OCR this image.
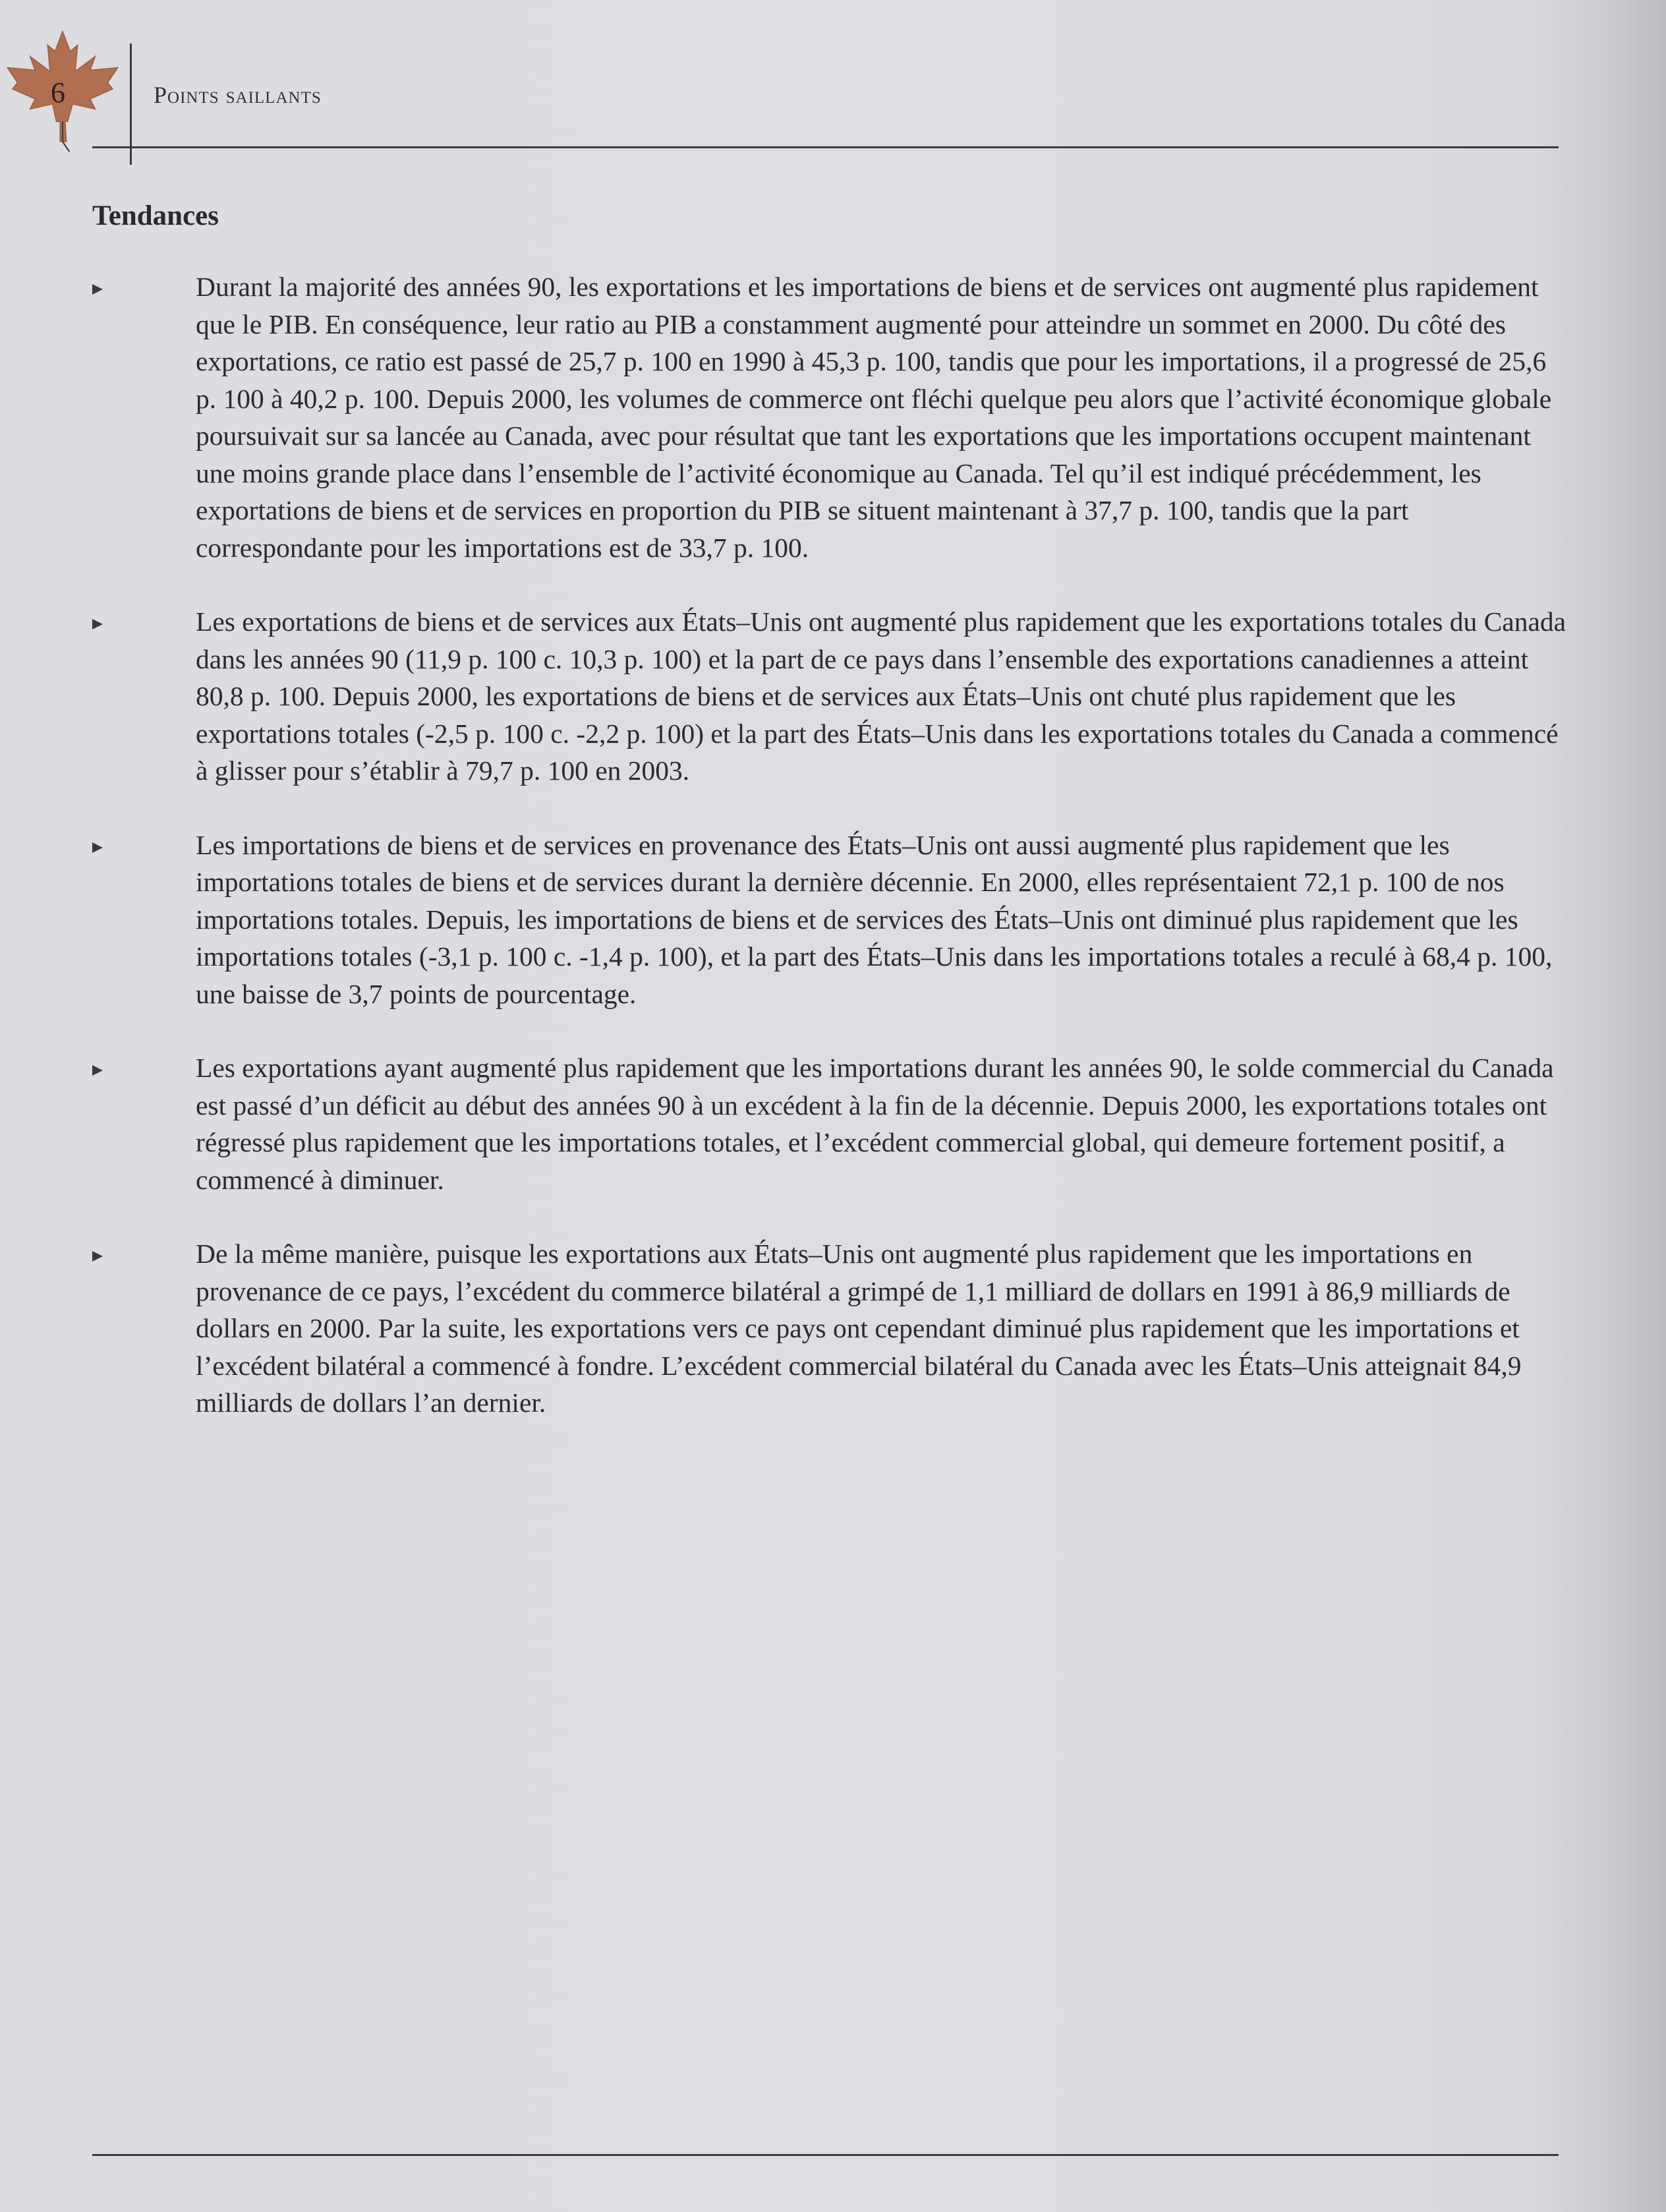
6	Points saillants
Tendances
Durant la majorité des années 90, les exportations et les importations de biens et de services ont augmenté plus rapidement que le PIB. En conséquence, leur ratio au PIB a constamment augmenté pour atteindre un sommet en 2000. Du côté des exportations, ce ratio est passé de 25,7 p. 100 en 1990 à 45,3 p. 100, tandis que pour les importations, il a progressé de 25,6 p. 100 à 40,2 p. 100. Depuis 2000, les volumes de commerce ont fléchi quelque peu alors que l’activité économique globale poursuivait sur sa lancée au Canada, avec pour résultat que tant les exportations que les importations occupent maintenant une moins grande place dans l’ensemble de l’activité économique au Canada. Tel qu’il est indiqué précédemment, les exportations de biens et de services en proportion du PIB se situent maintenant à 37,7 p. 100, tandis que la part correspondante pour les importations est de 33,7 p. 100.
Les exportations de biens et de services aux États–Unis ont augmenté plus rapidement que les exportations totales du Canada dans les années 90 (11,9 p. 100 c. 10,3 p. 100) et la part de ce pays dans l’ensemble des exportations canadiennes a atteint 80,8 p. 100. Depuis 2000, les exportations de biens et de services aux États–Unis ont chuté plus rapidement que les exportations totales (-2,5 p. 100 c. -2,2 p. 100) et la part des États–Unis dans les exportations totales du Canada a commencé à glisser pour s’établir à 79,7 p. 100 en 2003.
Les importations de biens et de services en provenance des États–Unis ont aussi augmenté plus rapidement que les importations totales de biens et de services durant la dernière décennie. En 2000, elles représentaient 72,1 p. 100 de nos importations totales. Depuis, les importations de biens et de services des États–Unis ont diminué plus rapidement que les importations totales (-3,1 p. 100 c. -1,4 p. 100), et la part des États–Unis dans les importations totales a reculé à 68,4 p. 100, une baisse de 3,7 points de pourcentage.
Les exportations ayant augmenté plus rapidement que les importations durant les années 90, le solde commercial du Canada est passé d’un déficit au début des années 90 à un excédent à la fin de la décennie. Depuis 2000, les exportations totales ont régressé plus rapidement que les importations totales, et l’excédent commercial global, qui demeure fortement positif, a commencé à diminuer.
De la même manière, puisque les exportations aux États–Unis ont augmenté plus rapidement que les importations en provenance de ce pays, l’excédent du commerce bilatéral a grimpé de 1,1 milliard de dollars en 1991 à 86,9 milliards de dollars en 2000. Par la suite, les exportations vers ce pays ont cependant diminué plus rapidement que les importations et l’excédent bilatéral a commencé à fondre. L’excédent commercial bilatéral du Canada avec les États–Unis atteignait 84,9 milliards de dollars l’an dernier.
